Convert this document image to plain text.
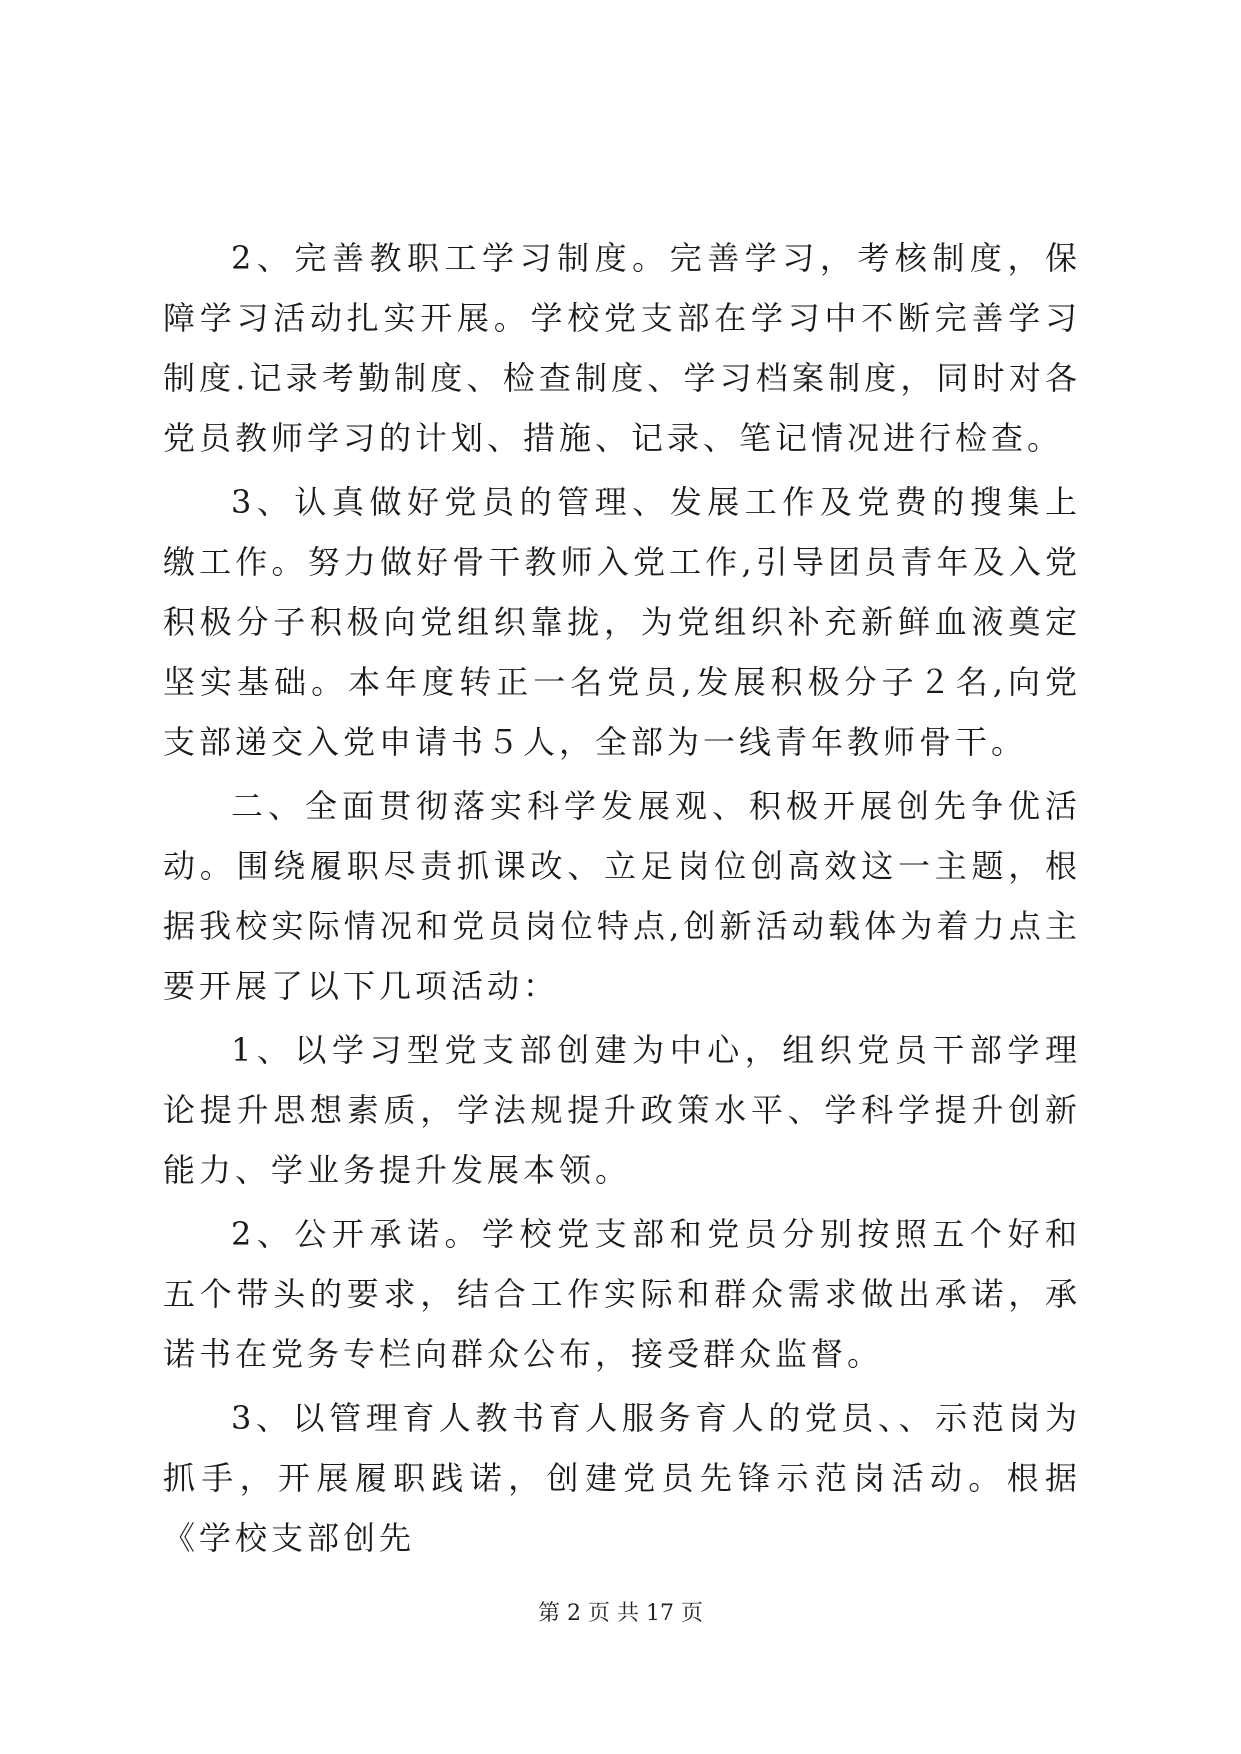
2、完善教职工学习制度。完善学习，考核制度，保障学习活动扎实开展。学校党支部在学习中不断完善学习制度.记录考勤制度、检查制度、学习档案制度，同时对各党员教师学习的计划、措施、记录、笔记情况进行检查。

3、认真做好党员的管理、发展工作及党费的搜集上缴工作。努力做好骨干教师入党工作,引导团员青年及入党积极分子积极向党组织靠拢，为党组织补充新鲜血液奠定坚实基础。本年度转正一名党员,发展积极分子２名,向党支部递交入党申请书５人，全部为一线青年教师骨干。

二、全面贯彻落实科学发展观、积极开展创先争优活动。围绕履职尽责抓课改、立足岗位创高效这一主题，根据我校实际情况和党员岗位特点,创新活动载体为着力点主要开展了以下几项活动：

1、以学习型党支部创建为中心，组织党员干部学理论提升思想素质，学法规提升政策水平、学科学提升创新能力、学业务提升发展本领。

2、公开承诺。学校党支部和党员分别按照五个好和五个带头的要求，结合工作实际和群众需求做出承诺，承诺书在党务专栏向群众公布，接受群众监督。

3、以管理育人教书育人服务育人的党员、、示范岗为抓手，开展履职践诺，创建党员先锋示范岗活动。根据《学校支部创先

第 2 页 共 17 页
